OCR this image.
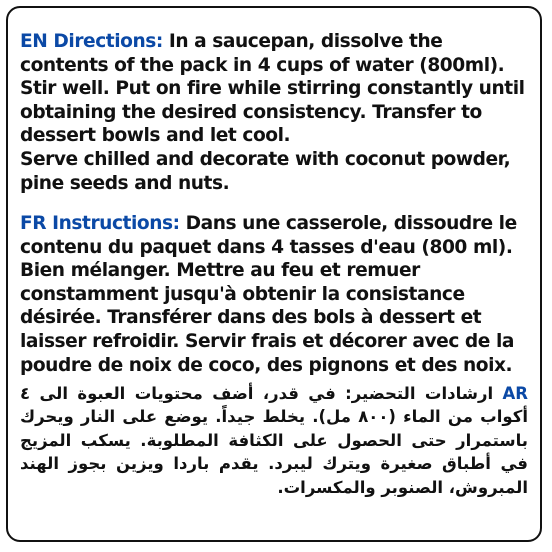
EN Directions: In a saucepan, dissolve the contents of the pack in 4 cups of water (800ml). Stir well. Put on fire while stirring constantly until obtaining the desired consistency. Transfer to dessert bowls and let cool.

Serve chilled and decorate with coconut powder, pine seeds and nuts.

FR Instructions: Dans une casserole, dissoudre le contenu du paquet dans 4 tasses d'eau (800 ml). Bien mélanger. Mettre au feu et remuer constamment jusqu'à obtenir la consistance désirée. Transférer dans des bols à dessert et laisser refroidir. Servir frais et décorer avec de la poudre de noix de coco, des pignons et des noix.

AR ارشادات التحضير: في قدر، أضف محتويات العبوة الى ٤ أكواب من الماء (٨٠٠ مل). يخلط جيداً. يوضع على النار ويحرك باستمرار حتى الحصول على الكثافة المطلوبة. يسكب المزيج في أطباق صغيرة ويترك ليبرد. يقدم باردا ويزين بجوز الهند المبروش، الصنوبر والمكسرات.
